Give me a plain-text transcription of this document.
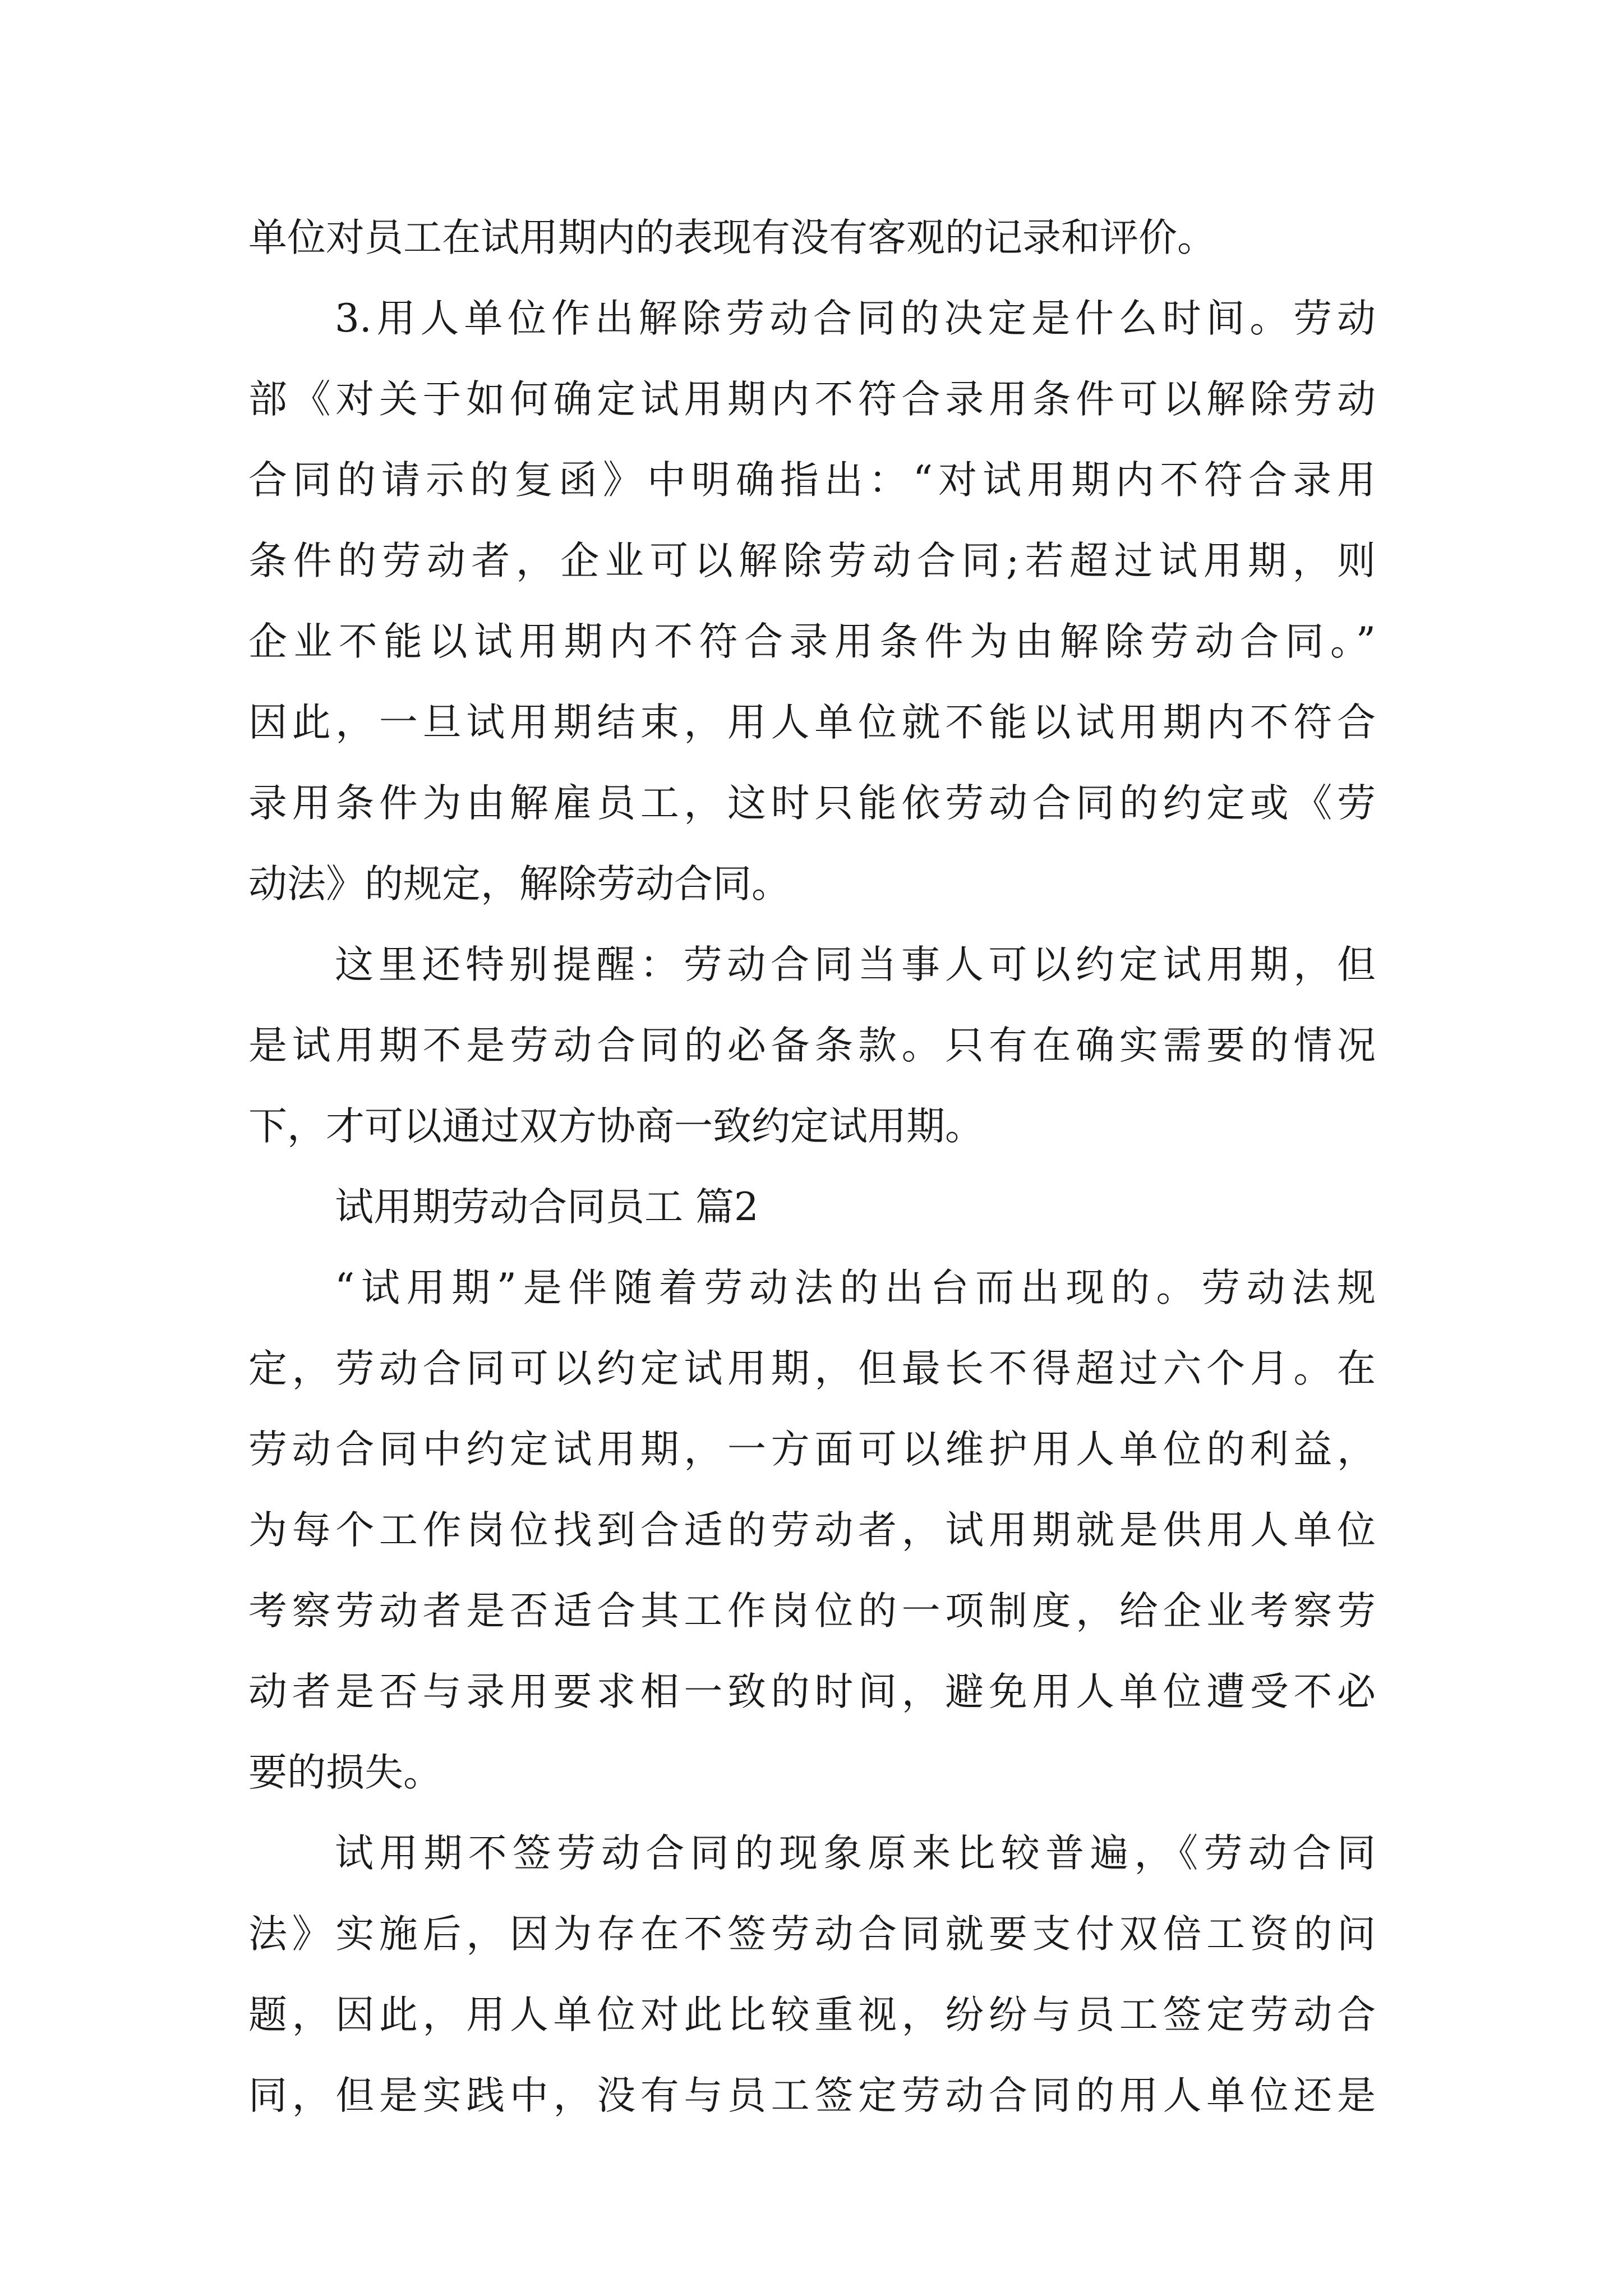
单位对员工在试用期内的表现有没有客观的记录和评价。
3.用人单位作出解除劳动合同的决定是什么时间。劳动
部《对关于如何确定试用期内不符合录用条件可以解除劳动
合同的请示的复函》中明确指出：“对试用期内不符合录用
条件的劳动者，企业可以解除劳动合同;若超过试用期，则
企业不能以试用期内不符合录用条件为由解除劳动合同。”
因此，一旦试用期结束，用人单位就不能以试用期内不符合
录用条件为由解雇员工，这时只能依劳动合同的约定或《劳
动法》的规定，解除劳动合同。
这里还特别提醒：劳动合同当事人可以约定试用期，但
是试用期不是劳动合同的必备条款。只有在确实需要的情况
下，才可以通过双方协商一致约定试用期。
试用期劳动合同员工 篇2
“试用期”是伴随着劳动法的出台而出现的。劳动法规
定，劳动合同可以约定试用期，但最长不得超过六个月。在
劳动合同中约定试用期，一方面可以维护用人单位的利益，
为每个工作岗位找到合适的劳动者，试用期就是供用人单位
考察劳动者是否适合其工作岗位的一项制度，给企业考察劳
动者是否与录用要求相一致的时间，避免用人单位遭受不必
要的损失。
试用期不签劳动合同的现象原来比较普遍，《劳动合同
法》实施后，因为存在不签劳动合同就要支付双倍工资的问
题，因此，用人单位对此比较重视，纷纷与员工签定劳动合
同，但是实践中，没有与员工签定劳动合同的用人单位还是
